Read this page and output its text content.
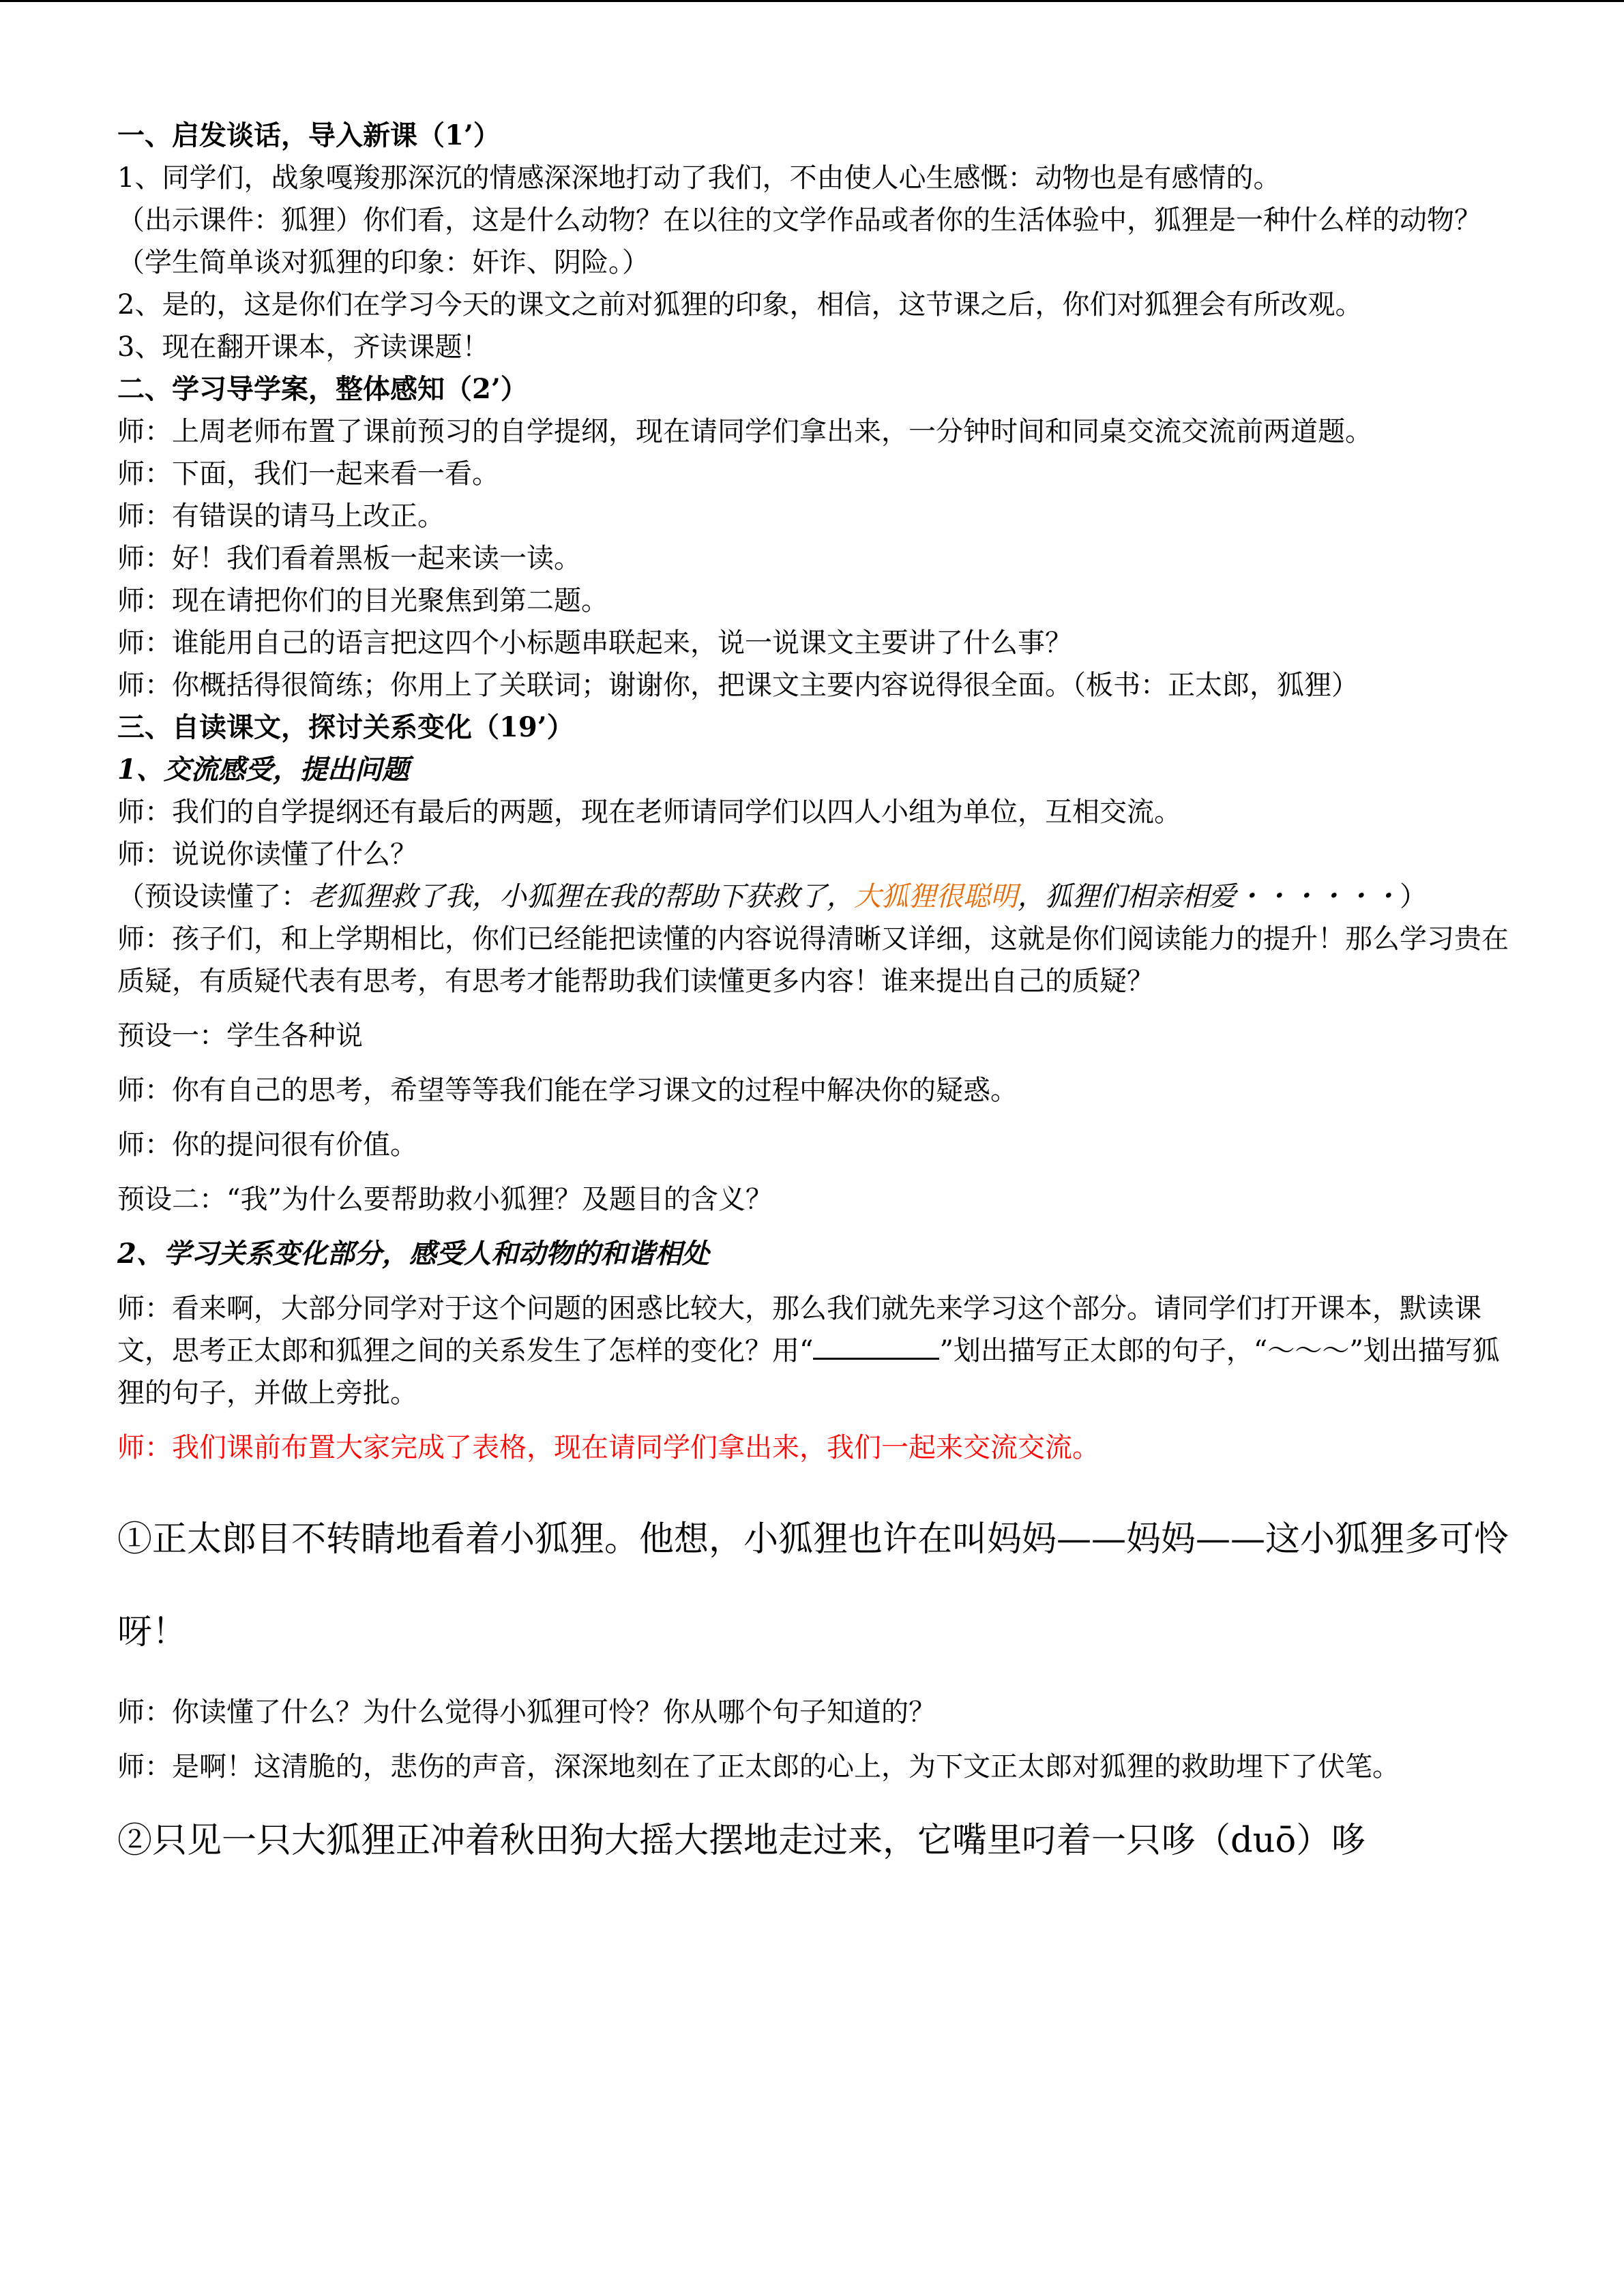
一、启发谈话，导入新课（1’）

1、同学们，战象嘎羧那深沉的情感深深地打动了我们，不由使人心生感慨：动物也是有感情的。

（出示课件：狐狸）你们看，这是什么动物？在以往的文学作品或者你的生活体验中，狐狸是一种什么样的动物？（学生简单谈对狐狸的印象：奸诈、阴险。）

2、是的，这是你们在学习今天的课文之前对狐狸的印象，相信，这节课之后，你们对狐狸会有所改观。

3、现在翻开课本，齐读课题！

二、学习导学案，整体感知（2’）

师：上周老师布置了课前预习的自学提纲，现在请同学们拿出来，一分钟时间和同桌交流交流前两道题。

师：下面，我们一起来看一看。

师：有错误的请马上改正。

师：好！我们看着黑板一起来读一读。

师：现在请把你们的目光聚焦到第二题。

师：谁能用自己的语言把这四个小标题串联起来，说一说课文主要讲了什么事？

师：你概括得很简练；你用上了关联词；谢谢你，把课文主要内容说得很全面。（板书：正太郎，狐狸）

三、自读课文，探讨关系变化（19’）

1、交流感受，提出问题

师：我们的自学提纲还有最后的两题，现在老师请同学们以四人小组为单位，互相交流。

师：说说你读懂了什么？

（预设读懂了：老狐狸救了我，小狐狸在我的帮助下获救了，大狐狸很聪明，狐狸们相亲相爱・・・・・・）

师：孩子们，和上学期相比，你们已经能把读懂的内容说得清晰又详细，这就是你们阅读能力的提升！那么学习贵在质疑，有质疑代表有思考，有思考才能帮助我们读懂更多内容！谁来提出自己的质疑？

预设一：学生各种说

师：你有自己的思考，希望等等我们能在学习课文的过程中解决你的疑惑。

师：你的提问很有价值。

预设二：“我”为什么要帮助救小狐狸？及题目的含义？

2、学习关系变化部分，感受人和动物的和谐相处

师：看来啊，大部分同学对于这个问题的困惑比较大，那么我们就先来学习这个部分。请同学们打开课本，默读课文，思考正太郎和狐狸之间的关系发生了怎样的变化？用“	”划出描写正太郎的句子，“～～～”划出描写狐狸的句子，并做上旁批。

师：我们课前布置大家完成了表格，现在请同学们拿出来，我们一起来交流交流。

①正太郎目不转睛地看着小狐狸。他想，小狐狸也许在叫妈妈——妈妈——这小狐狸多可怜呀！

师：你读懂了什么？为什么觉得小狐狸可怜？你从哪个句子知道的？

师：是啊！这清脆的，悲伤的声音，深深地刻在了正太郎的心上，为下文正太郎对狐狸的救助埋下了伏笔。

②只见一只大狐狸正冲着秋田狗大摇大摆地走过来，它嘴里叼着一只哆（duō）哆
